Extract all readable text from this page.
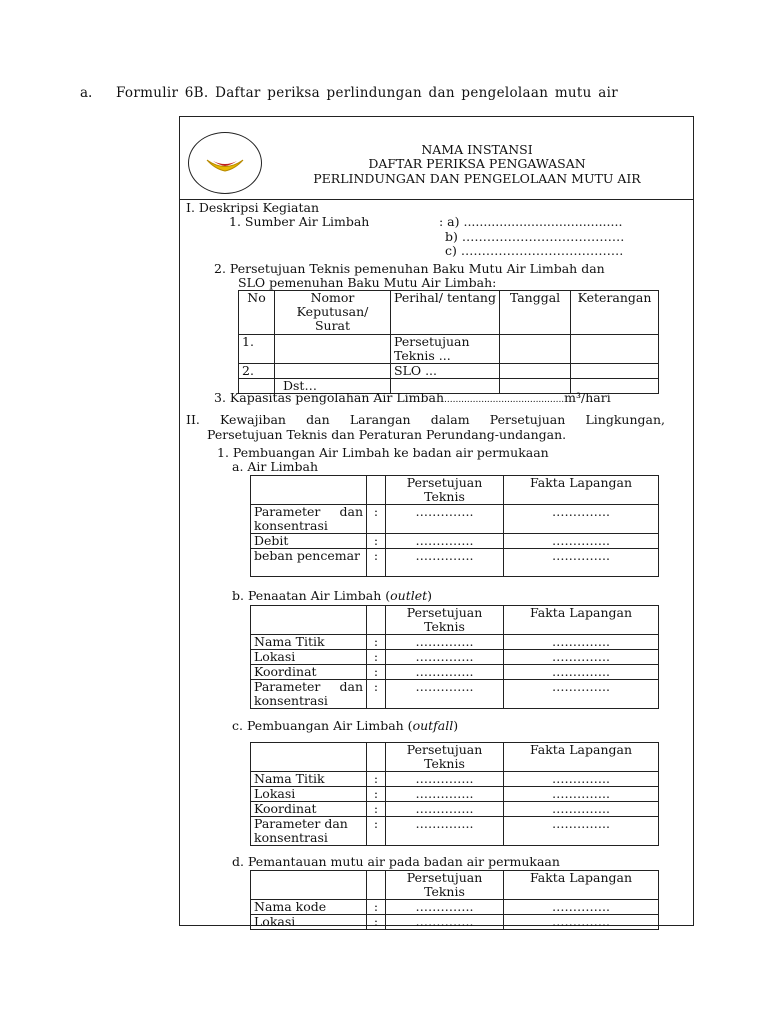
a. Formulir 6B. Daftar periksa perlindungan dan pengelolaan mutu air
NAMA INSTANSI
DAFTAR PERIKSA PENGAWASAN
PERLINDUNGAN DAN PENGELOLAAN MUTU AIR
I. Deskripsi Kegiatan
1. Sumber Air Limbah	: a) ........................................
b) …………………………………
c) …………………………………
2. Persetujuan Teknis pemenuhan Baku Mutu Air Limbah dan
SLO pemenuhan Baku Mutu Air Limbah:
No	Nomor Keputusan/ Surat	Perihal/ tentang	Tanggal	Keterangan
1.		Persetujuan Teknis ...		
2.		SLO ...		
	Dst…			
3. Kapasitas pengolahan Air Limbah..........................................m³/hari
II. Kewajiban dan Larangan dalam Persetujuan Lingkungan,
Persetujuan Teknis dan Peraturan Perundang-undangan.
1. Pembuangan Air Limbah ke badan air permukaan
a. Air Limbah
		Persetujuan Teknis	Fakta Lapangan
Parameter dan konsentrasi	:	…………..	…………..
Debit	:	…………..	…………..
beban pencemar	:	…………..	…………..
b. Penaatan Air Limbah (outlet)
		Persetujuan Teknis	Fakta Lapangan
Nama Titik	:	…………..	…………..
Lokasi	:	…………..	…………..
Koordinat	:	…………..	…………..
Parameter dan konsentrasi	:	…………..	…………..
c. Pembuangan Air Limbah (outfall)
		Persetujuan Teknis	Fakta Lapangan
Nama Titik	:	…………..	…………..
Lokasi	:	…………..	…………..
Koordinat	:	…………..	…………..
Parameter dan konsentrasi	:	…………..	…………..
d. Pemantauan mutu air pada badan air permukaan
		Persetujuan Teknis	Fakta Lapangan
Nama kode	:	…………..	…………..
Lokasi	:	…………..	…………..
